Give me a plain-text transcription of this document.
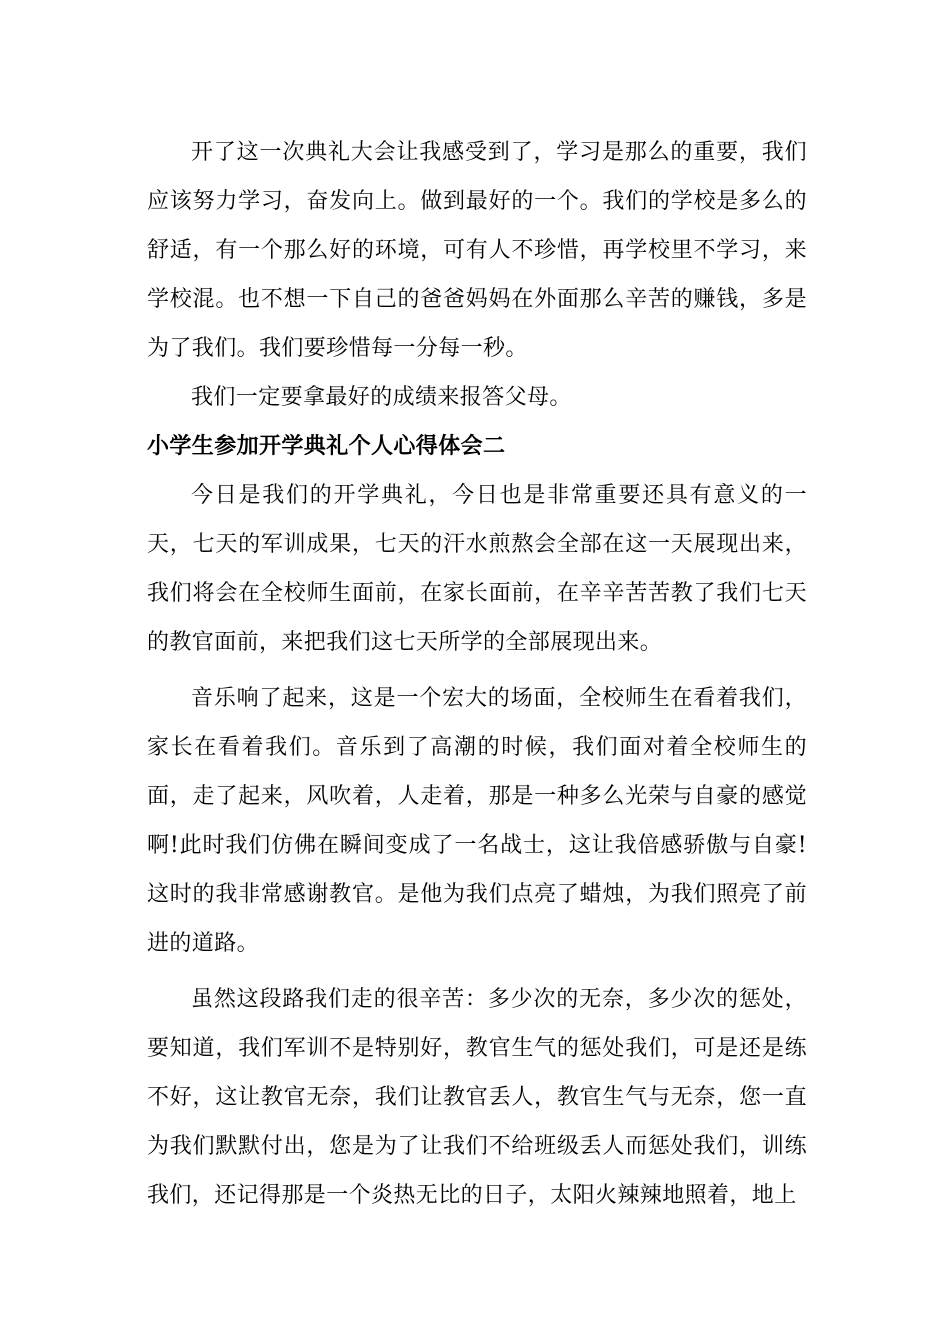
开了这一次典礼大会让我感受到了，学习是那么的重要，我们应该努力学习，奋发向上。做到最好的一个。我们的学校是多么的舒适，有一个那么好的环境，可有人不珍惜，再学校里不学习，来学校混。也不想一下自己的爸爸妈妈在外面那么辛苦的赚钱，多是为了我们。我们要珍惜每一分每一秒。

我们一定要拿最好的成绩来报答父母。

小学生参加开学典礼个人心得体会二

今日是我们的开学典礼，今日也是非常重要还具有意义的一天，七天的军训成果，七天的汗水煎熬会全部在这一天展现出来，我们将会在全校师生面前，在家长面前，在辛辛苦苦教了我们七天的教官面前，来把我们这七天所学的全部展现出来。

音乐响了起来，这是一个宏大的场面，全校师生在看着我们，家长在看着我们。音乐到了高潮的时候，我们面对着全校师生的面，走了起来，风吹着，人走着，那是一种多么光荣与自豪的感觉啊!此时我们仿佛在瞬间变成了一名战士，这让我倍感骄傲与自豪!这时的我非常感谢教官。是他为我们点亮了蜡烛，为我们照亮了前进的道路。

虽然这段路我们走的很辛苦：多少次的无奈，多少次的惩处，要知道，我们军训不是特别好，教官生气的惩处我们，可是还是练不好，这让教官无奈，我们让教官丢人，教官生气与无奈，您一直为我们默默付出，您是为了让我们不给班级丢人而惩处我们，训练我们，还记得那是一个炎热无比的日子，太阳火辣辣地照着，地上
